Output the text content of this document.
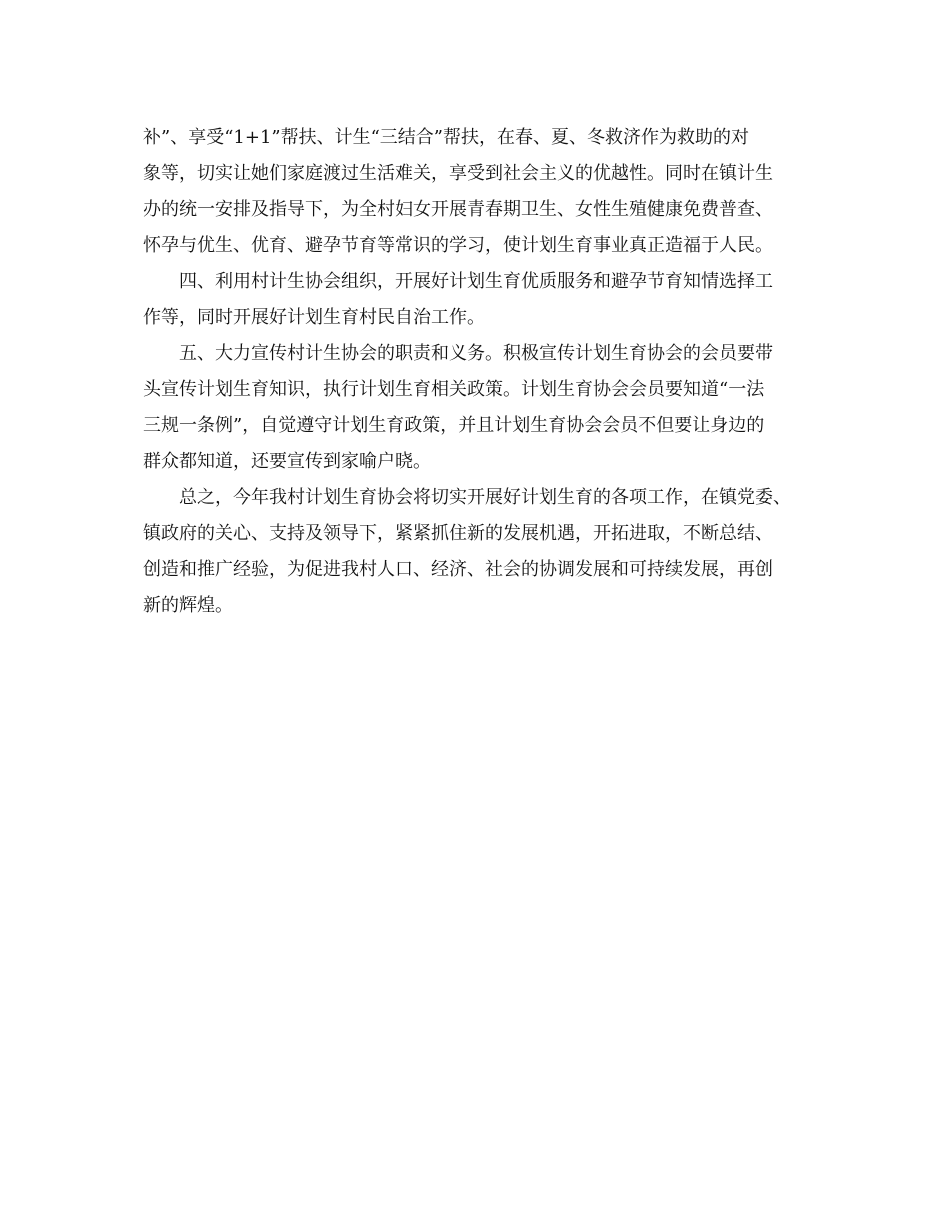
补”、享受“1+1”帮扶、计生“三结合”帮扶，在春、夏、冬救济作为救助的对
象等，切实让她们家庭渡过生活难关，享受到社会主义的优越性。同时在镇计生
办的统一安排及指导下，为全村妇女开展青春期卫生、女性生殖健康免费普查、
怀孕与优生、优育、避孕节育等常识的学习，使计划生育事业真正造福于人民。
四、利用村计生协会组织，开展好计划生育优质服务和避孕节育知情选择工
作等，同时开展好计划生育村民自治工作。
五、大力宣传村计生协会的职责和义务。积极宣传计划生育协会的会员要带
头宣传计划生育知识，执行计划生育相关政策。计划生育协会会员要知道“一法
三规一条例”，自觉遵守计划生育政策，并且计划生育协会会员不但要让身边的
群众都知道，还要宣传到家喻户晓。
总之，今年我村计划生育协会将切实开展好计划生育的各项工作，在镇党委、
镇政府的关心、支持及领导下，紧紧抓住新的发展机遇，开拓进取，不断总结、
创造和推广经验，为促进我村人口、经济、社会的协调发展和可持续发展，再创
新的辉煌。
